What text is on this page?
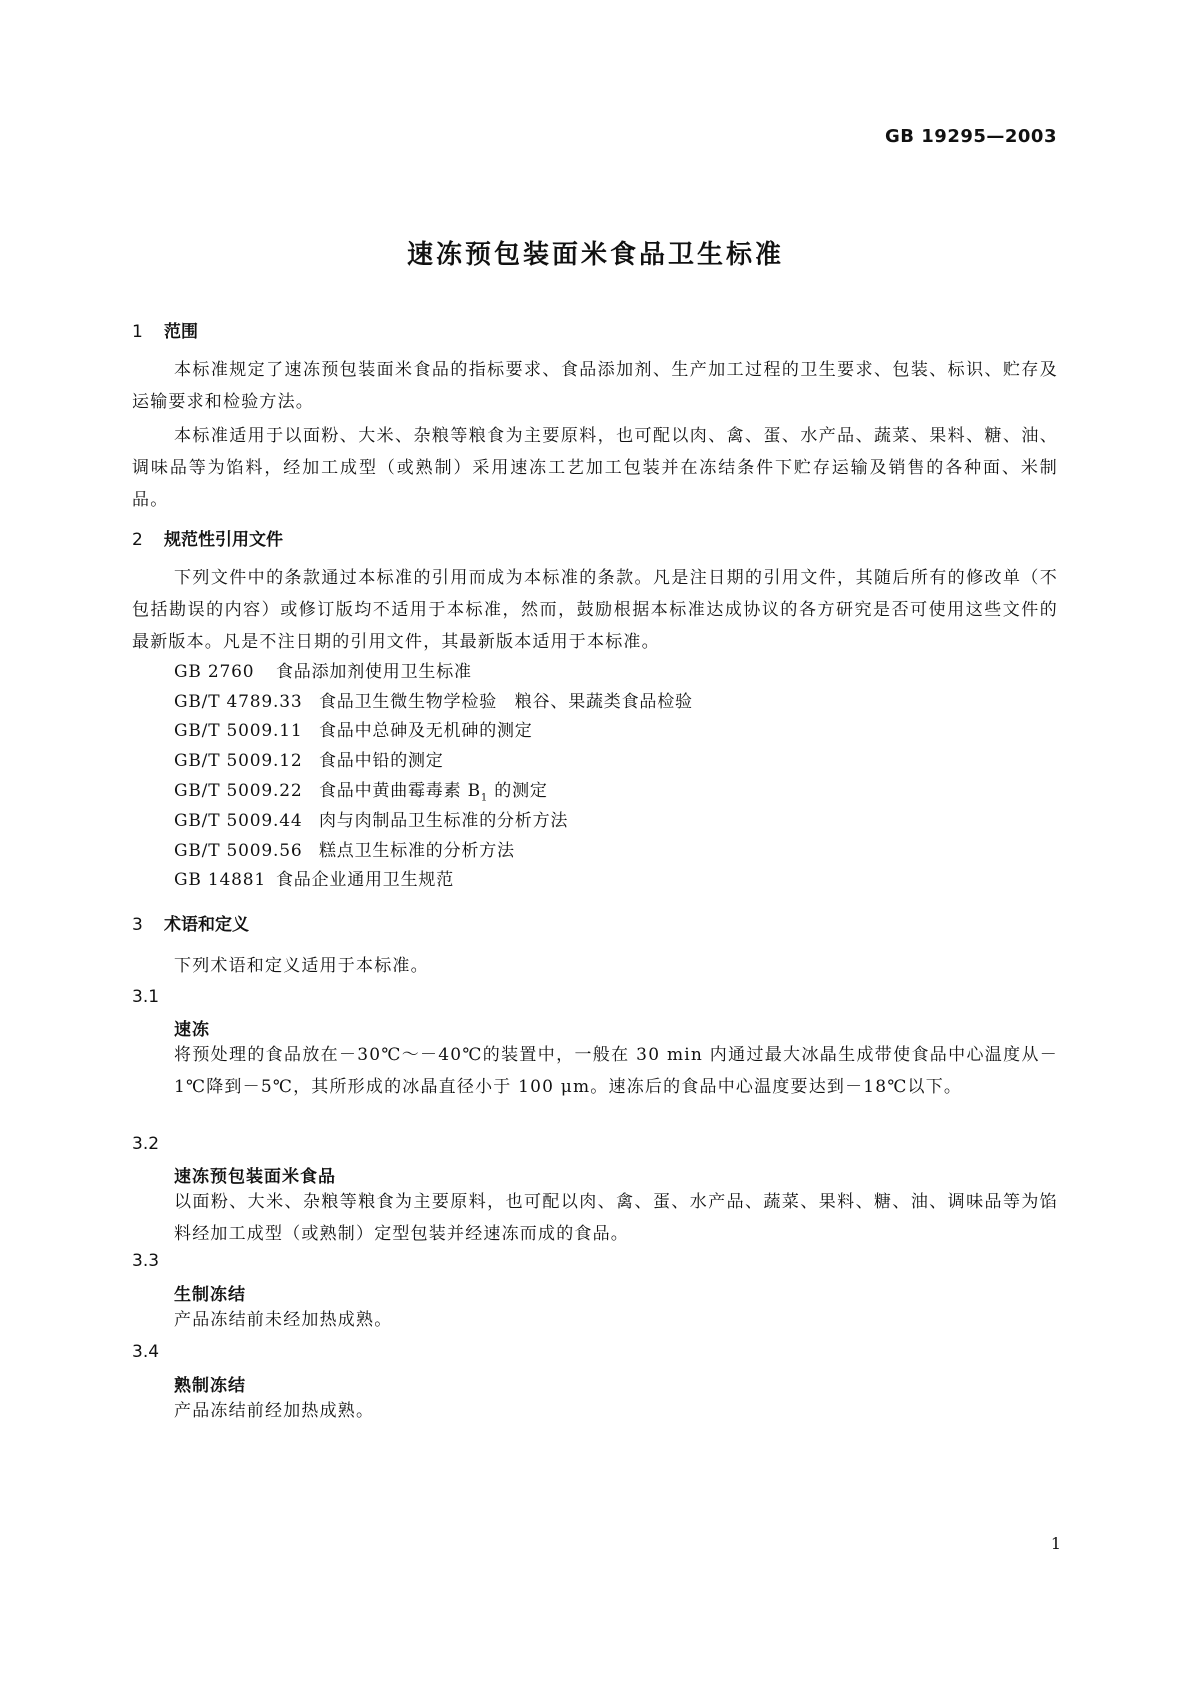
GB 19295—2003
速冻预包装面米食品卫生标准
1 范围

本标准规定了速冻预包装面米食品的指标要求、食品添加剂、生产加工过程的卫生要求、包装、标识、贮存及运输要求和检验方法。

本标准适用于以面粉、大米、杂粮等粮食为主要原料，也可配以肉、禽、蛋、水产品、蔬菜、果料、糖、油、调味品等为馅料，经加工成型（或熟制）采用速冻工艺加工包装并在冻结条件下贮存运输及销售的各种面、米制品。

2 规范性引用文件

下列文件中的条款通过本标准的引用而成为本标准的条款。凡是注日期的引用文件，其随后所有的修改单（不包括勘误的内容）或修订版均不适用于本标准，然而，鼓励根据本标准达成协议的各方研究是否可使用这些文件的最新版本。凡是不注日期的引用文件，其最新版本适用于本标准。

GB 2760 食品添加剂使用卫生标准
GB/T 4789.33 食品卫生微生物学检验　粮谷、果蔬类食品检验
GB/T 5009.11 食品中总砷及无机砷的测定
GB/T 5009.12 食品中铅的测定
GB/T 5009.22 食品中黄曲霉毒素 $B_1$ 的测定
GB/T 5009.44 肉与肉制品卫生标准的分析方法
GB/T 5009.56 糕点卫生标准的分析方法
GB 14881 食品企业通用卫生规范
3 术语和定义

下列术语和定义适用于本标准。

3.1
速冻

将预处理的食品放在－30℃～－40℃的装置中，一般在 30 min 内通过最大冰晶生成带使食品中心温度从－1℃降到－5℃，其所形成的冰晶直径小于 100 μm。速冻后的食品中心温度要达到－18℃以下。

3.2
速冻预包装面米食品

以面粉、大米、杂粮等粮食为主要原料，也可配以肉、禽、蛋、水产品、蔬菜、果料、糖、油、调味品等为馅料经加工成型（或熟制）定型包装并经速冻而成的食品。

3.3
生制冻结

产品冻结前未经加热成熟。

3.4
熟制冻结

产品冻结前经加热成熟。

1
